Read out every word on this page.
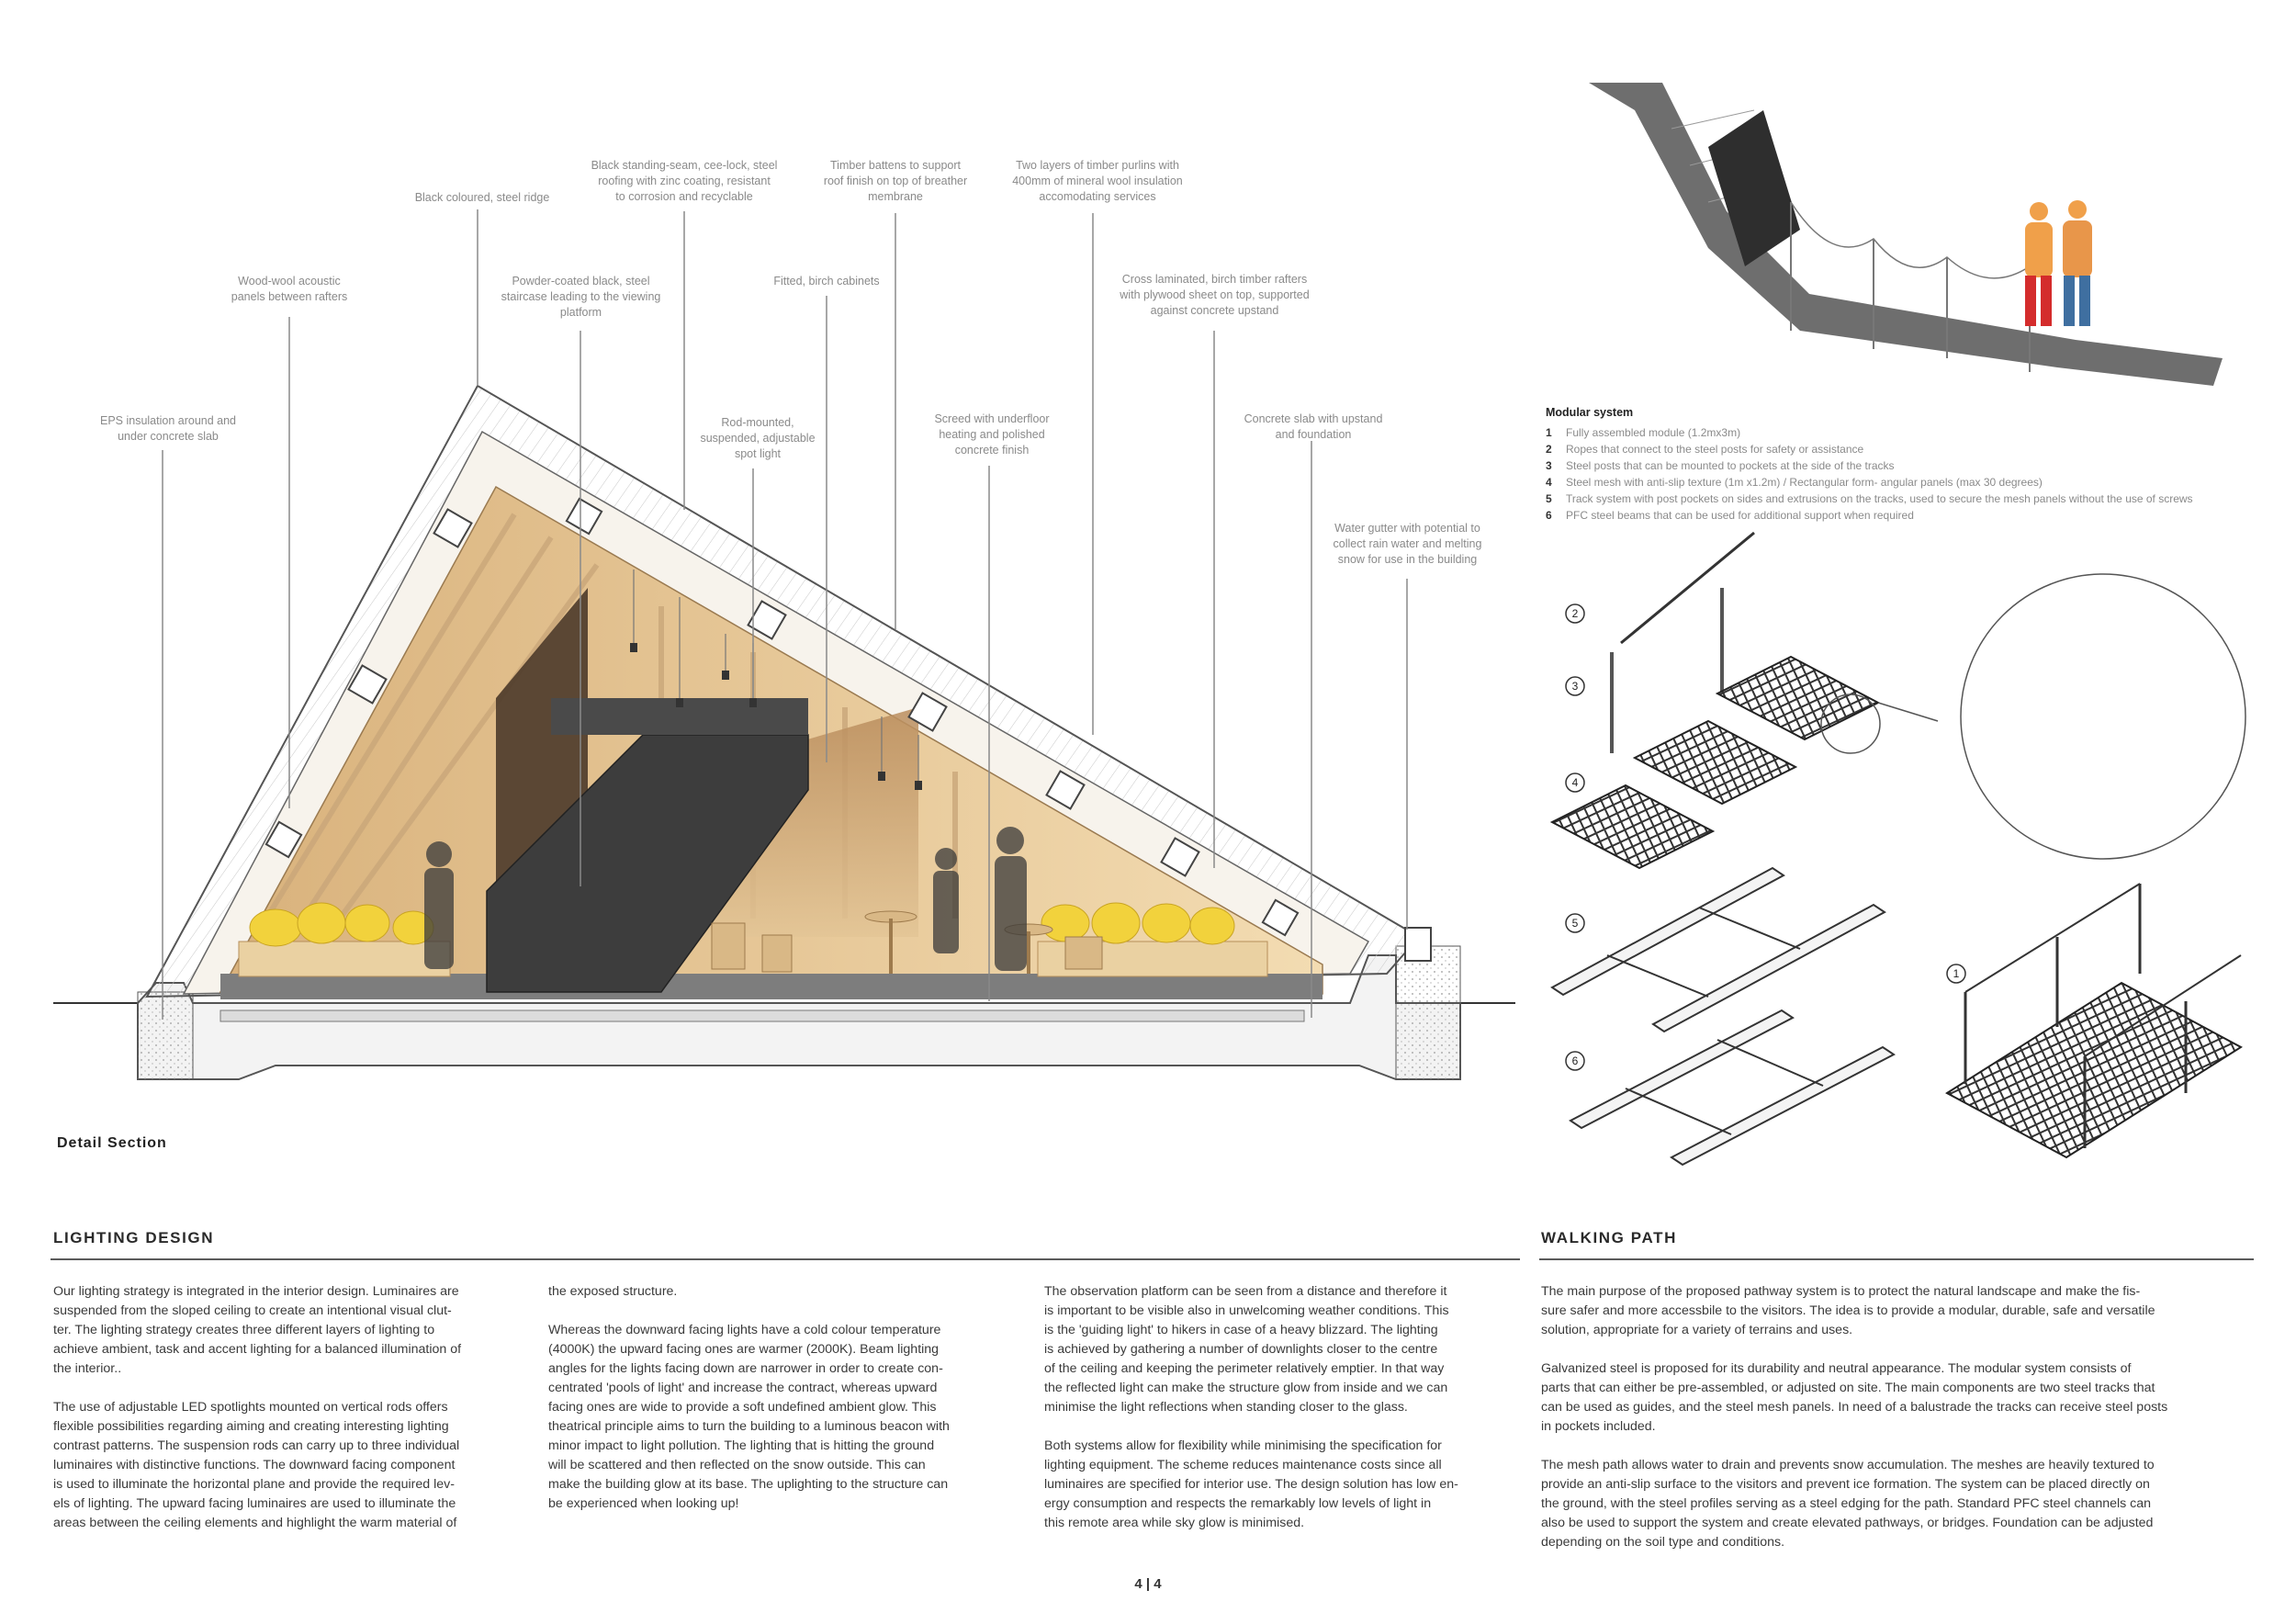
EPS insulation around and
under concrete slab
Wood-wool acoustic
panels between rafters
Black coloured, steel ridge
Powder-coated black, steel
staircase leading to the viewing
platform
Black standing-seam, cee-lock, steel
roofing with zinc coating, resistant
to corrosion and recyclable
Rod-mounted,
suspended, adjustable
spot light
Fitted, birch cabinets
Timber battens to support
roof finish on top of breather
membrane
Screed with underfloor
heating and polished
concrete finish
Two layers of timber purlins with
400mm of mineral wool insulation
accomodating services
Cross laminated, birch timber rafters
with plywood sheet on top, supported
against concrete upstand
Concrete slab with upstand
and foundation
Water gutter with potential to
collect rain water and melting
snow for use in the building
Detail Section
Modular system
1 Fully assembled module (1.2mx3m)
2 Ropes that connect to the steel posts for safety or assistance
3 Steel posts that can be mounted to pockets at the side of the tracks
4 Steel mesh with anti-slip texture (1m x1.2m) / Rectangular form- angular panels (max 30 degrees)
5 Track system with post pockets on sides and extrusions on the tracks, used to secure the mesh panels without the use of screws
6 PFC steel beams that can be used for additional support when required
2
3
4
5
6
1
LIGHTING DESIGN
Our lighting strategy is integrated in the interior design. Luminaires are
suspended from the sloped ceiling to create an intentional visual clut-
ter. The lighting strategy creates three different layers of lighting to
achieve ambient, task and accent lighting for a balanced illumination of
the interior..

The use of adjustable LED spotlights mounted on vertical rods offers
flexible possibilities regarding aiming and creating interesting lighting
contrast patterns. The suspension rods can carry up to three individual
luminaires with distinctive functions. The downward facing component
is used to illuminate the horizontal plane and provide the required lev-
els of lighting. The upward facing luminaires are used to illuminate the
areas between the ceiling elements and highlight the warm material of
the exposed structure.

Whereas the downward facing lights have a cold colour temperature
(4000K) the upward facing ones are warmer (2000K). Beam lighting
angles for the lights facing down are narrower in order to create con-
centrated 'pools of light' and increase the contract, whereas upward
facing ones are wide to provide a soft undefined ambient glow. This
theatrical principle aims to turn the building to a luminous beacon with
minor impact to light pollution. The lighting that is hitting the ground
will be scattered and then reflected on the snow outside. This can
make the building glow at its base. The uplighting to the structure can
be experienced when looking up!
The observation platform can be seen from a distance and therefore it
is important to be visible also in unwelcoming weather conditions. This
is the 'guiding light' to hikers in case of a heavy blizzard. The lighting
is achieved by gathering a number of downlights closer to the centre
of the ceiling and keeping the perimeter relatively emptier. In that way
the reflected light can make the structure glow from inside and we can
minimise the light reflections when standing closer to the glass.

Both systems allow for flexibility while minimising the specification for
lighting equipment. The scheme reduces maintenance costs since all
luminaires are specified for interior use. The design solution has low en-
ergy consumption and respects the remarkably low levels of light in
this remote area while sky glow is minimised.
WALKING PATH
The main purpose of the proposed pathway system is to protect the natural landscape and make the fis-
sure safer and more accessbile to the visitors. The idea is to provide a modular, durable, safe and versatile
solution, appropriate for a variety of terrains and uses.

Galvanized steel is proposed for its durability and neutral appearance. The modular system consists of
parts that can either be pre-assembled, or adjusted on site. The main components are two steel tracks that
can be used as guides, and the steel mesh panels. In need of a balustrade the tracks can receive steel posts
in pockets included.

The mesh path allows water to drain and prevents snow accumulation. The meshes are heavily textured to
provide an anti-slip surface to the visitors and prevent ice formation. The system can be placed directly on
the ground, with the steel profiles serving as a steel edging for the path. Standard PFC steel channels can
also be used to support the system and create elevated pathways, or bridges. Foundation can be adjusted
depending on the soil type and conditions.
4 | 4
